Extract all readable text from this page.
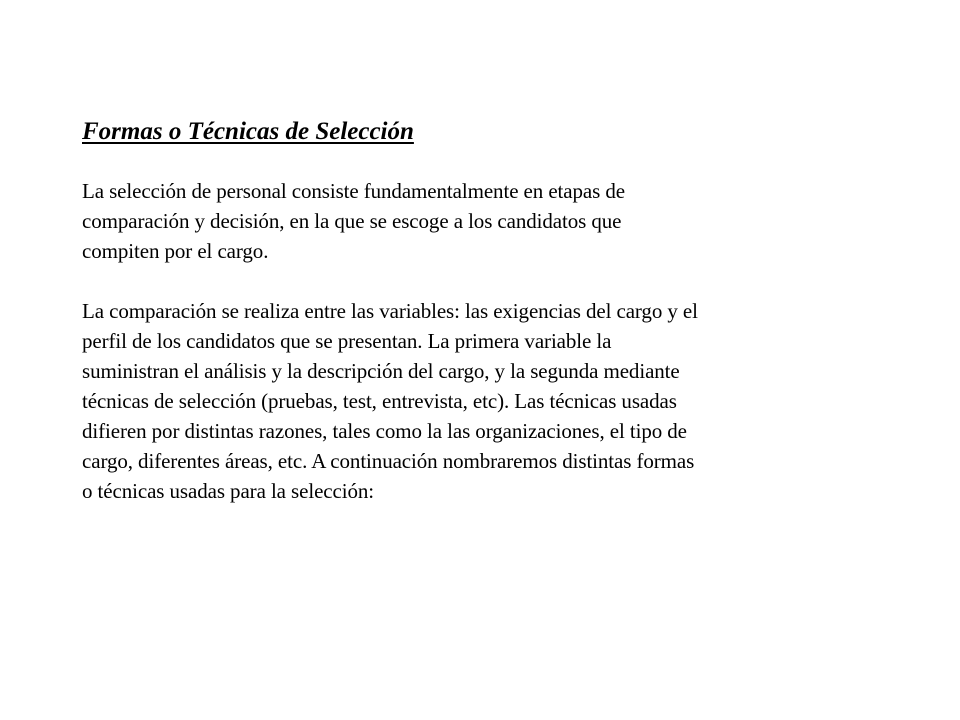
Formas o Técnicas de Selección

La selección de personal consiste fundamentalmente en etapas de
comparación y decisión, en la que se escoge a los candidatos que
compiten por el cargo.

La comparación se realiza entre las variables: las exigencias del cargo y el
perfil de los candidatos que se presentan. La primera variable la
suministran el análisis y la descripción del cargo, y la segunda mediante
técnicas de selección (pruebas, test, entrevista, etc). Las técnicas usadas
difieren por distintas razones, tales como la las organizaciones, el tipo de
cargo, diferentes áreas, etc. A continuación nombraremos distintas formas
o técnicas usadas para la selección:
